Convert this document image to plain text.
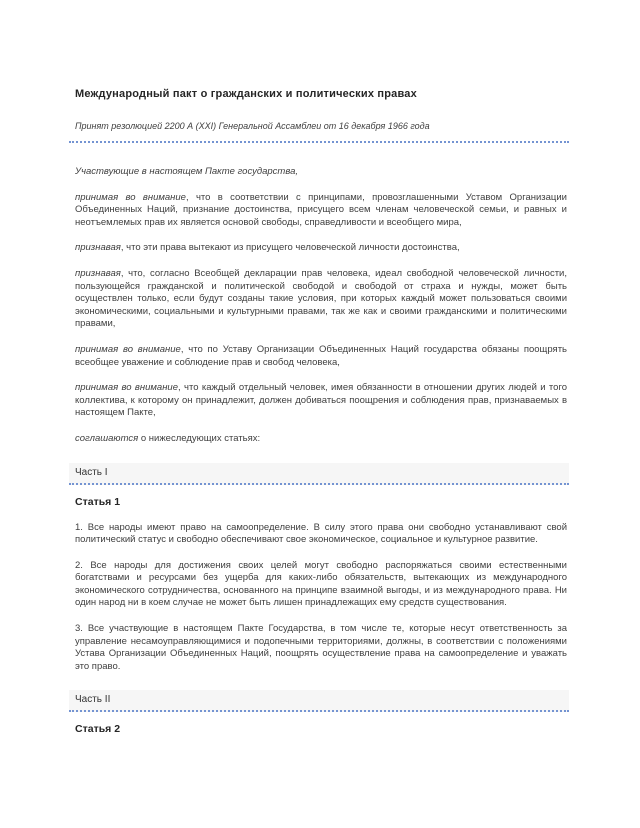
Международный пакт о гражданских и политических правах

Принят резолюцией 2200 А (XXI) Генеральной Ассамблеи от 16 декабря 1966 года

Участвующие в настоящем Пакте государства,

принимая во внимание, что в соответствии с принципами, провозглашенными Уставом Организации Объединенных Наций, признание достоинства, присущего всем членам человеческой семьи, и равных и неотъемлемых прав их является основой свободы, справедливости и всеобщего мира,

признавая, что эти права вытекают из присущего человеческой личности достоинства,

признавая, что, согласно Всеобщей декларации прав человека, идеал свободной человеческой личности, пользующейся гражданской и политической свободой и свободой от страха и нужды, может быть осуществлен только, если будут созданы такие условия, при которых каждый может пользоваться своими экономическими, социальными и культурными правами, так же как и своими гражданскими и политическими правами,

принимая во внимание, что по Уставу Организации Объединенных Наций государства обязаны поощрять всеобщее уважение и соблюдение прав и свобод человека,

принимая во внимание, что каждый отдельный человек, имея обязанности в отношении других людей и того коллектива, к которому он принадлежит, должен добиваться поощрения и соблюдения прав, признаваемых в настоящем Пакте,

соглашаются о нижеследующих статьях:

Часть I
Статья 1

1. Все народы имеют право на самоопределение. В силу этого права они свободно устанавливают свой политический статус и свободно обеспечивают свое экономическое, социальное и культурное развитие.

2. Все народы для достижения своих целей могут свободно распоряжаться своими естественными богатствами и ресурсами без ущерба для каких-либо обязательств, вытекающих из международного экономического сотрудничества, основанного на принципе взаимной выгоды, и из международного права. Ни один народ ни в коем случае не может быть лишен принадлежащих ему средств существования.

3. Все участвующие в настоящем Пакте Государства, в том числе те, которые несут ответственность за управление несамоуправляющимися и подопечными территориями, должны, в соответствии с положениями Устава Организации Объединенных Наций, поощрять осуществление права на самоопределение и уважать это право.

Часть II
Статья 2
